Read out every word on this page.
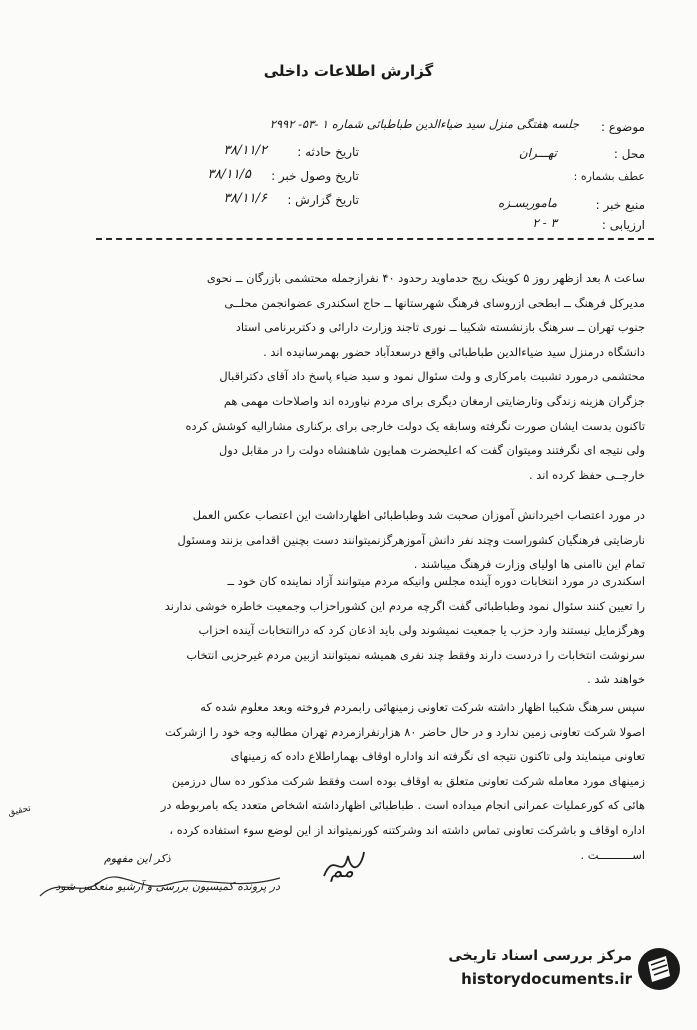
گزارش اطلاعات داخلی
موضوع :
جلسه هفتگی منزل سید ضیاءالدین طباطبائی شماره ۱ -۵۳- ۲۹۹۲
محل :
تهـــران
تاریخ حادثه :
۳۸/۱۱/۲
عطف بشماره :
تاریخ وصول خبر :
۳۸/۱۱/۵
منبع خبر :
ماموریسـزه
تاریخ گزارش :
۳۸/۱۱/۶
ارزیابی :
۲ - ۳
ساعت ۸ بعد ازظهر روز ۵ کوینک رپج حدماوید رحدود ۴۰ نفرازجمله محتشمی بازرگان ــ نحوی
مدیرکل فرهنگ ــ ابطحی ازروسای فرهنگ شهرستانها ــ حاج اسکندری عضوانجمن محلــی
جنوب تهران ــ سرهنگ بازنشسته شکیبا ــ نوری تاجند وزارت دارائی و دکتربرنامی استاد
دانشگاه درمنزل سید ضیاءالدین طباطبائی واقع درسعدآباد حضور بهمرسانیده اند .
محتشمی درمورد تشبیت بامرکاری و ولت سئوال نمود و سید ضیاء پاسخ داد آقای دکتراقبال
جزگران هزینه زندگی وتارضایتی ارمغان دیگری برای مردم نیاورده اند واصلاحات مهمی هم
تاکنون بدست ایشان صورت نگرفته وسابقه یک دولت خارجی برای برکناری مشارالیه کوشش کرده
ولی نتیجه ای نگرفتند ومیتوان گفت که اعلیحضرت همایون شاهنشاه دولت را در مقابل دول
خارجــی حفظ کرده اند .
در مورد اعتصاب اخیردانش آموزان صحبت شد وطباطبائی اظهارداشت این اعتصاب عکس العمل
نارضایتی فرهنگیان کشوراست وچند نفر دانش آموزهرگزنمیتوانند دست بچنین اقدامی بزنند ومسئول
تمام این ناامنی ها اولیای وزارت فرهنگ میباشند .
اسکندری در مورد انتخابات دوره آینده مجلس وانیکه مردم میتوانند آزاد نماینده کان خود ــ
را تعیین کنند سئوال نمود وطباطبائی گفت اگرچه مردم این کشوراحزاب وجمعیت خاطره خوشی ندارند
وهرگزمایل نیستند وارد حزب یا جمعیت نمیشوند ولی باید اذعان کرد که دراانتخابات آینده احزاب
سرنوشت انتخابات را دردست دارند وفقط چند نفری همیشه نمیتوانند ازبین مردم غیرحزبی انتخاب
خواهند شد .
سپس سرهنگ شکیبا اظهار داشته شرکت تعاونی زمینهائی رابمردم فروخته وبعد معلوم شده که
اصولا شرکت تعاونی زمین ندارد و در حال حاضر ۸۰ هزارنفرازمردم تهران مطالبه وجه خود را ازشرکت
تعاونی مینمایند ولی تاکنون نتیجه ای نگرفته اند واداره اوقاف بهماراطلاع داده که زمینهای
زمینهای مورد معامله شرکت تعاونی متعلق به اوقاف بوده است وفقط شرکت مذکور ده سال درزمین
هائی که کورعملیات عمرانی انجام میداده است . طباطبائی اظهارداشته اشخاص متعدد یکه بامربوطه در
اداره اوقاف و باشرکت تعاونی تماس داشته اند وشرکتنه کورنمیتواند از این لوضع سوء استفاده کرده ،
اســــــــــت .
تحقیق
ذکر این مفهوم
در پرونده کمیسیون بررسی و آرشیو منعکس شود
مم
مرکز بررسی اسناد تاریخی
historydocuments.ir
